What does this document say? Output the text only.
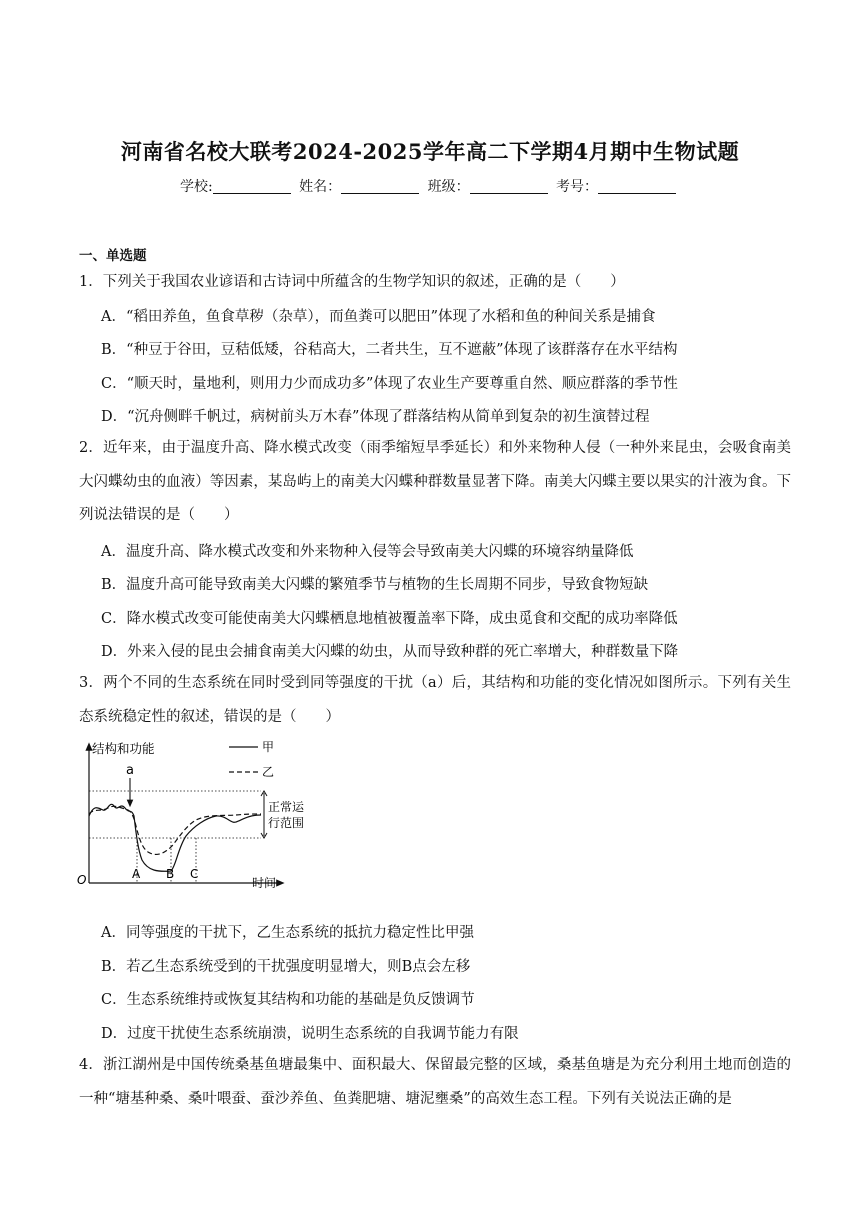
河南省名校大联考2024-2025学年高二下学期4月期中生物试题
学校:	姓名：	班级：	考号：
一、单选题
1．下列关于我国农业谚语和古诗词中所蕴含的生物学知识的叙述，正确的是（　　）
A．“稻田养鱼，鱼食草秽（杂草），而鱼粪可以肥田”体现了水稻和鱼的种间关系是捕食
B．“种豆于谷田，豆秸低矮，谷秸高大，二者共生，互不遮蔽”体现了该群落存在水平结构
C．“顺天时，量地利，则用力少而成功多”体现了农业生产要尊重自然、顺应群落的季节性
D．“沉舟侧畔千帆过，病树前头万木春”体现了群落结构从简单到复杂的初生演替过程
2．近年来，由于温度升高、降水模式改变（雨季缩短旱季延长）和外来物种人侵（一种外来昆虫，会吸食南美大闪蝶幼虫的血液）等因素，某岛屿上的南美大闪蝶种群数量显著下降。南美大闪蝶主要以果实的汁液为食。下列说法错误的是（　　）
A．温度升高、降水模式改变和外来物种入侵等会导致南美大闪蝶的环境容纳量降低
B．温度升高可能导致南美大闪蝶的繁殖季节与植物的生长周期不同步，导致食物短缺
C．降水模式改变可能使南美大闪蝶栖息地植被覆盖率下降，成虫觅食和交配的成功率降低
D．外来入侵的昆虫会捕食南美大闪蝶的幼虫，从而导致种群的死亡率增大，种群数量下降
3．两个不同的生态系统在同时受到同等强度的干扰（a）后，其结构和功能的变化情况如图所示。下列有关生态系统稳定性的叙述，错误的是（　　）
甲
乙
结构和功能
a
正常运
行范围
O	A B C
时间
A．同等强度的干扰下，乙生态系统的抵抗力稳定性比甲强
B．若乙生态系统受到的干扰强度明显增大，则B点会左移
C．生态系统维持或恢复其结构和功能的基础是负反馈调节
D．过度干扰使生态系统崩溃，说明生态系统的自我调节能力有限
4．浙江湖州是中国传统桑基鱼塘最集中、面积最大、保留最完整的区域，桑基鱼塘是为充分利用土地而创造的一种“塘基种桑、桑叶喂蚕、蚕沙养鱼、鱼粪肥塘、塘泥壅桑”的高效生态工程。下列有关说法正确的是
